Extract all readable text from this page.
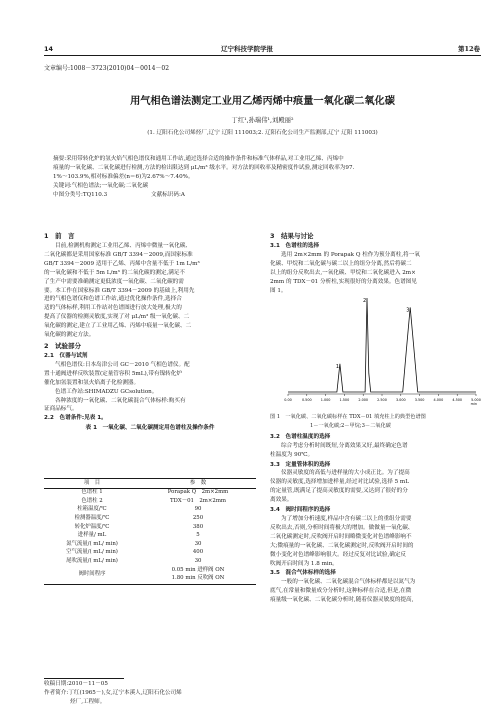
14	辽宁科技学院学报	第12卷
文章编号:1008－3723(2010)04－0014－02
用气相色谱法测定工业用乙烯丙烯中痕量一氧化碳二氧化碳
丁红¹,孙瑞伟¹,刘殿丽²
(1. 辽阳石化公司烯烃厂,辽宁 辽阳 111003;2. 辽阳石化公司生产监测部,辽宁 辽阳 111003)
摘要:采用带转化炉的氢火焰气相色谱仪和通用工作站,通过选择合适的操作条件和标准气体样品,对工业用乙烯、丙烯中
痕量的一氧化碳、二氧化碳进行检测,方法的检出限达到 μL/m³ 级水平。对方法的回收率及精密度作试验,测定回收率为97.
1%～103.9%,相对标准偏差(n＝6)为2.67%～7.40%。
关键词:气相色谱法;一氧化碳;二氧化碳
中图分类号:TQ110.3	文献标识码:A
1　前　言
目前,检测机构测定工业用乙烯、丙烯中微量一氧化碳、
二氧化碳都是采用国家标准 GB/T 3394－2009,而国家标准
GB/T 3394－2009 适用于乙烯、丙烯中含量不低于 1m L/m³
的一氧化碳和不低于 5m L/m³ 的二氧化碳的测定,满足不
了生产中需要准确测定更低浓度一氧化碳、二氧化碳的需
要。本工作在国家标准 GB/T 3394－2009 的基础上,利用先
进的气相色谱仪和色谱工作站,通过优化操作条件,选择合
适的气体标样,利用工作站对色谱图进行放大处理,极大的
提高了仪器的检测灵敏度,实现了对 μL/m³ 级一氧化碳、二
氧化碳的测定,建立了工业用乙烯、丙烯中痕量一氧化碳、二
氧化碳的测定方法。
2　试验部分
2.1　仪器与试剂
气相色谱仪:日本岛津公司 GC－2010 气相色谱仪。配
置十通阀进样反吹装置(定量管容积 5mL),带有镍转化炉
催化加氢装置和氢火焰离子化检测器。
色谱工作站:SHIMADZU GCsolution。
各种浓度的一氧化碳、二氧化碳混合气体标样:购买有
证商品标气。
2.2　色谱条件:见表 1。
表 1　一氧化碳、二氧化碳测定用色谱柱及操作条件
项　目	参　数
色谱柱 1	Porapak Q　2m×2mm
色谱柱 2	TDX－01　2m×2mm
柱箱温度/℃	90
检测器温度/℃	250
转化炉温度/℃	380
进样量/ mL	5
氮气流量/( mL/ min)	30
空气流量/( mL/ min)	400
尾吹流量/( mL/ min)	30
阀时间程序	
0.05 min 进样阀 ON
1.80 min 反吹阀 ON
收稿日期:2010－11－05
作者简介:丁红(1965－),女,辽宁本溪人,辽阳石化公司烯
烃厂,工程师。
3　结果与讨论
3.1　色谱柱的选择
选用 2m×2mm 的 Porapak Q 柱作为预分离柱,将一氧
化碳、甲烷和二氧化碳与碳二以上的组分分离,然后将碳二
以上的组分反吹出去,一氧化碳、甲烷和二氧化碳进入 2m×
2mm 的 TDX－01 分析柱,实现很好的分离效果。色谱图见
图 1。
0.00	0.500	1.000	1.500	2.000	2.500	3.000	3.500	4.000	4.500	5.000
min
1
2
3
图 1　一氧化碳、二氧化碳标样在 TDX－01 填充柱上的典型色谱图
1－一氧化碳;2－甲烷;3－二氧化碳
3.2　色谱柱温度的选择
综合考虑分析时间既短,分离效果又好,最终确定色谱
柱温度为 90℃。
3.3　定量管体积的选择
仪器灵敏度的高低与进样量的大小成正比。为了提高
仪器的灵敏度,选择增加进样量,经过对比试验,选择 5 mL
的定量管,既满足了提高灵敏度的需要,又达到了很好的分
离效果。
3.4　阀时间程序的选择
为了增加分析速度,样品中含有碳二以上的重组分需要
反吹出去,否则,分析时间将极大的增加。做做量一氧化碳、
二氧化碳测定时,反吹阀开启时间略微变化对色谱峰影响不
大;微痕量的一氧化碳、二氧化碳测定时,反吹阀开启时间的
微小变化对色谱峰影响很大。经过反复对比试验,确定反
吹阀开启时间为 1.8 min。
3.5　混合气体标样的选择
一般的一氧化碳、二氧化碳混合气体标样都是以氮气为
底气,在常量和微量成分分析时,这种标样在合适,但是,在微
痕量级一氧化碳、二氧化碳分析时,随着仪器灵敏度的提高,
